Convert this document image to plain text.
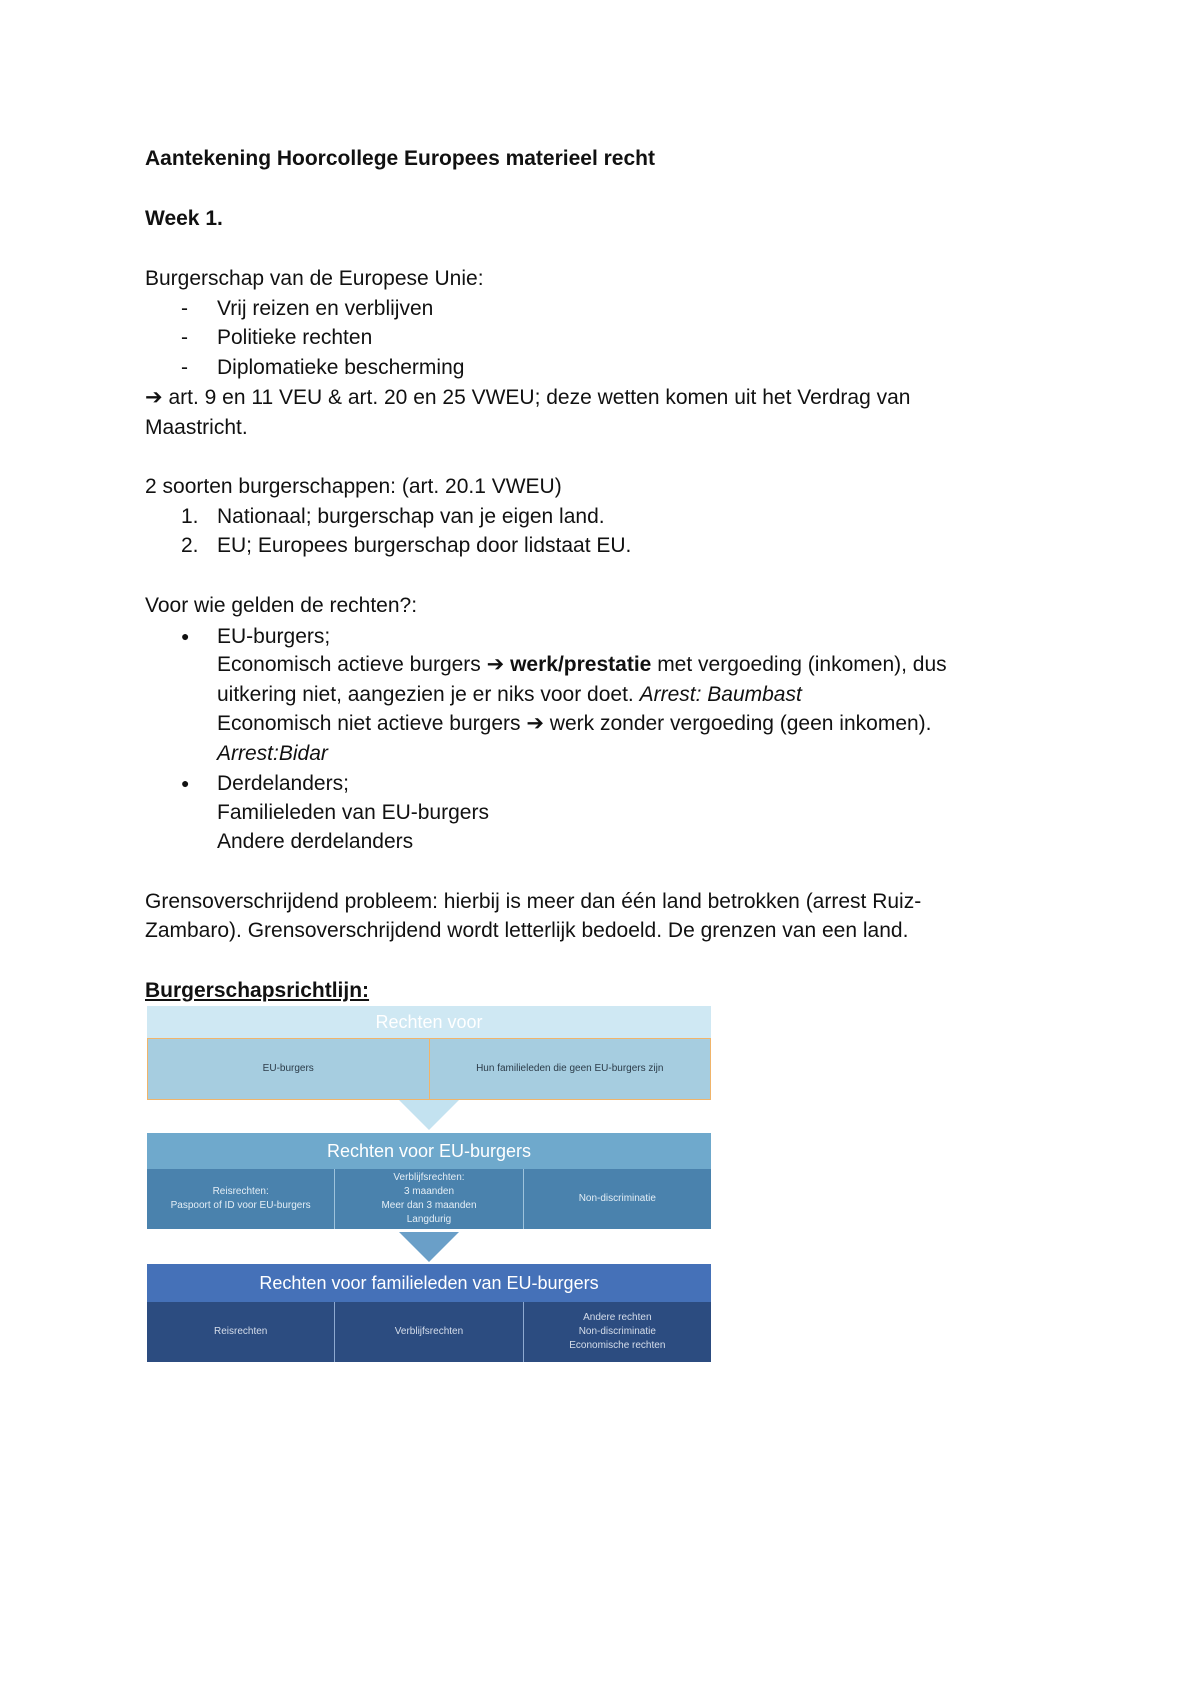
Aantekening Hoorcollege Europees materieel recht
Week 1.
Burgerschap van de Europese Unie:
- Vrij reizen en verblijven
- Politieke rechten
- Diplomatieke bescherming
➔ art. 9 en 11 VEU & art. 20 en 25 VWEU; deze wetten komen uit het Verdrag van
Maastricht.
2 soorten burgerschappen: (art. 20.1 VWEU)
1. Nationaal; burgerschap van je eigen land.
2. EU; Europees burgerschap door lidstaat EU.
Voor wie gelden de rechten?:
● EU-burgers;
Economisch actieve burgers ➔ werk/prestatie met vergoeding (inkomen), dus
uitkering niet, aangezien je er niks voor doet. Arrest: Baumbast
Economisch niet actieve burgers ➔ werk zonder vergoeding (geen inkomen).
Arrest:Bidar
● Derdelanders;
Familieleden van EU-burgers
Andere derdelanders
Grensoverschrijdend probleem: hierbij is meer dan één land betrokken (arrest Ruiz-
Zambaro). Grensoverschrijdend wordt letterlijk bedoeld. De grenzen van een land.
Burgerschapsrichtlijn:
Rechten voor
EU-burgers	Hun familieleden die geen EU-burgers zijn
Rechten voor EU-burgers
Reisrechten:
Paspoort of ID voor EU-burgers
Verblijfsrechten:
3 maanden
Meer dan 3 maanden
Langdurig
Non-discriminatie
Rechten voor familieleden van EU-burgers
Reisrechten	Verblijfsrechten
Andere rechten
Non-discriminatie
Economische rechten
